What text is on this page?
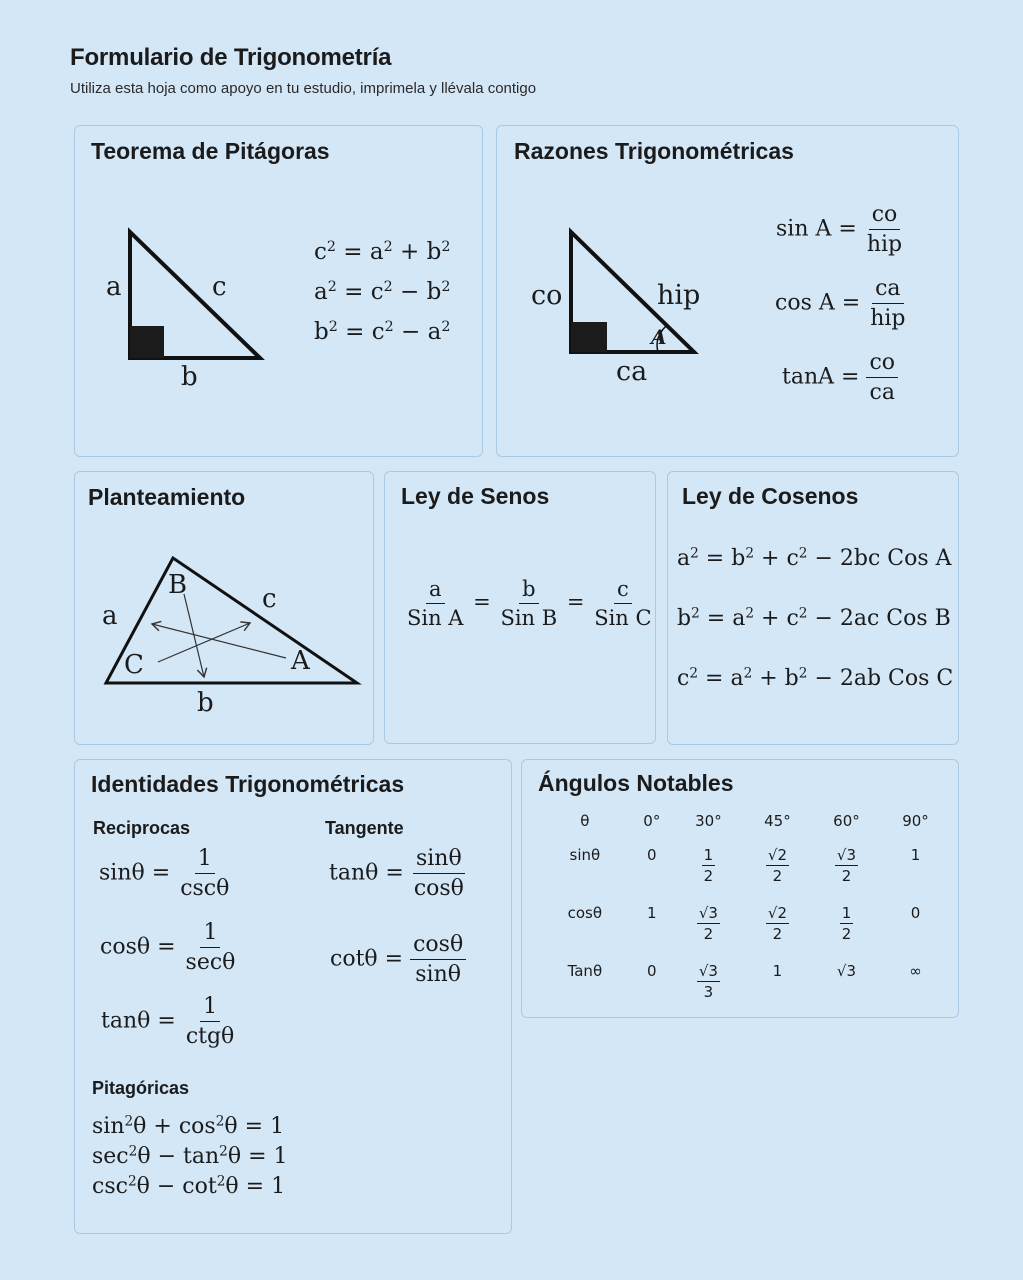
Formulario de Trigonometría
Utiliza esta hoja como apoyo en tu estudio, imprimela y llévala contigo
Teorema de Pitágoras
a	c
b
Razones Trigonométricas
co	hip
ca
A
Planteamiento
a
c
b
B
C	A
Ley de Senos	Ley de Cosenos
Identidades Trigonométricas
Reciprocas	Tangente
Pitagóricas
Ángulos Notables
θ	0°	30°	45°	60°	90°
sinθ	0	$\frac{1}{2}$	$\frac{√2}{2}$	$\frac{√3}{2}$	1
cosθ	1	$\frac{√3}{2}$	$\frac{√2}{2}$	$\frac{1}{2}$	0
Tanθ	0	$\frac{√3}{3}$	1	√3	∞
$c^2 = a^2 + b^2$
$a^2 = c^2 - b^2$
$b^2 = c^2 - a^2$
$\sin A = \frac{co}{\text{hip}}$
$\cos A = \frac{ca}{\text{hip}}$
$\tan A = \frac{co}{ca}$
$\frac{a}{\text{Sin A}} = \frac{b}{\text{Sin B}} = \frac{c}{\text{Sin C}}$
$a^2 = b^2 + c^2 - 2bc$ Cos A
$b^2 = a^2 + c^2 - 2ac$ Cos B
$c^2 = a^2 + b^2 - 2ab$ Cos C
$\sin\theta = \frac{1}{\csc\theta}$
$\cos\theta = \frac{1}{\sec\theta}$
$\tan\theta = \frac{1}{\text{ctgθ}}$
$\tan\theta = \frac{\sin\theta}{\cos\theta}$
$\cot\theta = \frac{\cos\theta}{\sin\theta}$
$\sin^2\theta + \cos^2\theta = 1$
$\sec^2\theta - \tan^2\theta = 1$
$\csc^2\theta - \cot^2\theta = 1$
